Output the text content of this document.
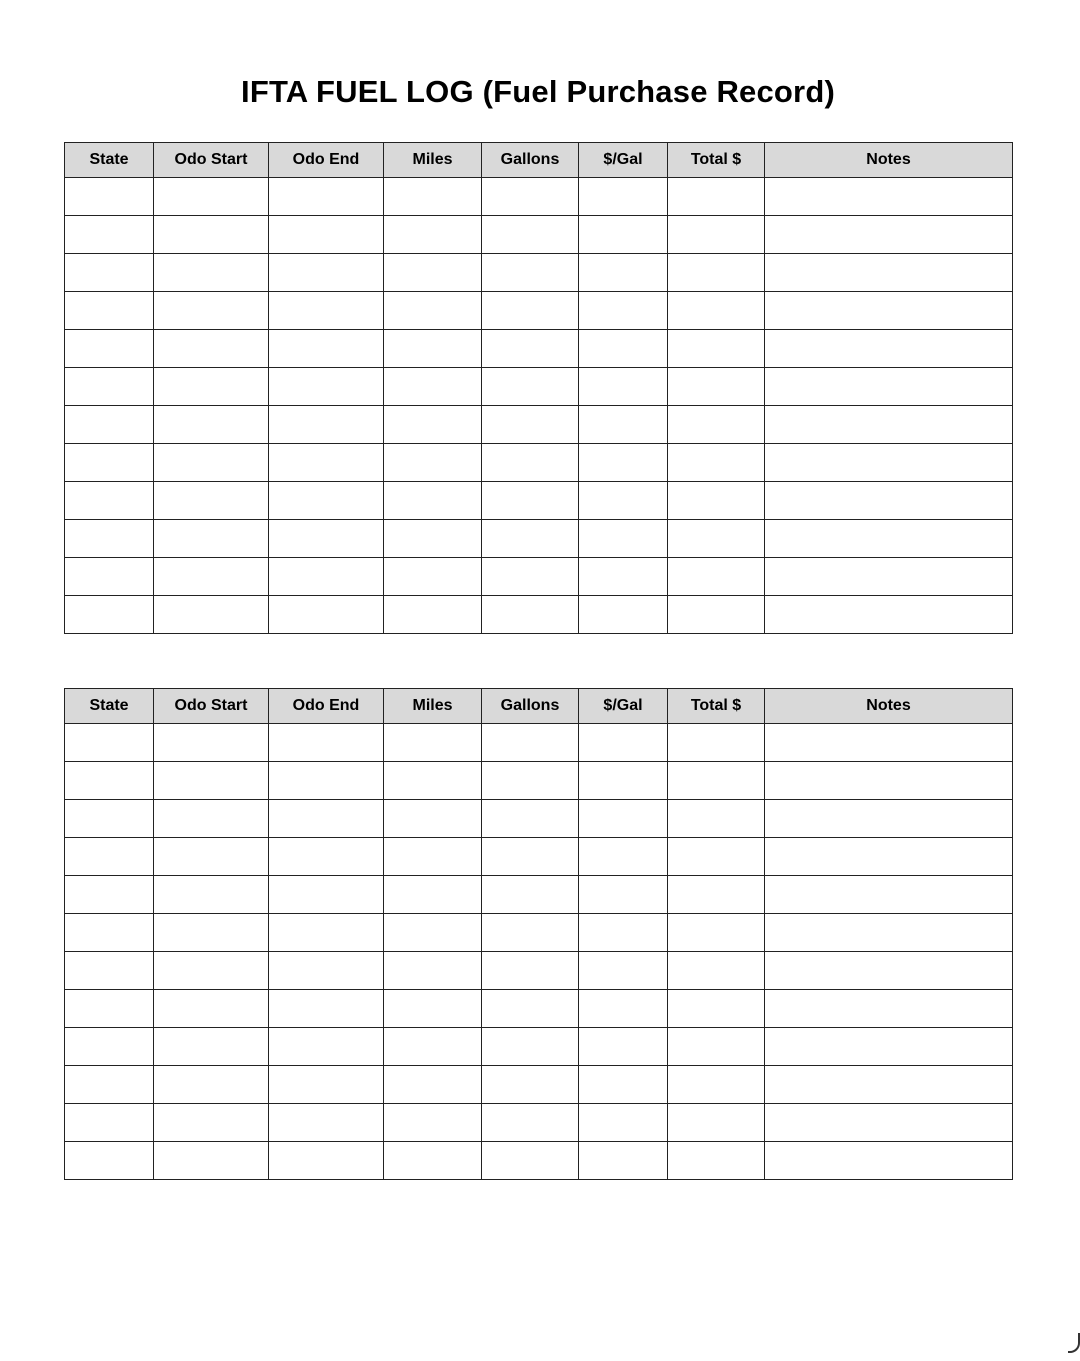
IFTA FUEL LOG (Fuel Purchase Record)
State	Odo Start	Odo End	Miles	Gallons	$/Gal	Total $	Notes

State	Odo Start	Odo End	Miles	Gallons	$/Gal	Total $	Notes
